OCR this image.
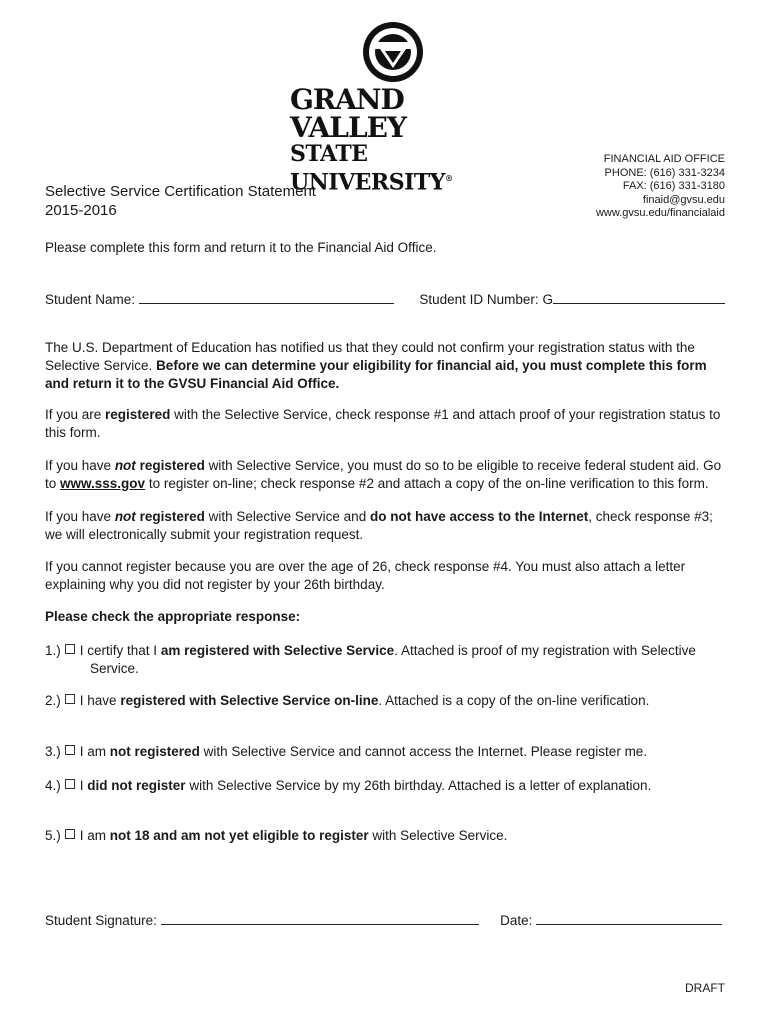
GRAND VALLEY
STATE UNIVERSITY®
FINANCIAL AID OFFICE
PHONE: (616) 331-3234
FAX: (616) 331-3180
finaid@gvsu.edu
www.gvsu.edu/financialaid
Selective Service Certification Statement
2015-2016
Please complete this form and return it to the Financial Aid Office.
Student Name:	Student ID Number: G
The U.S. Department of Education has notified us that they could not confirm your registration status with the Selective Service. Before we can determine your eligibility for financial aid, you must complete this form and return it to the GVSU Financial Aid Office.
If you are registered with the Selective Service, check response #1 and attach proof of your registration status to this form.
If you have not registered with Selective Service, you must do so to be eligible to receive federal student aid. Go to www.sss.gov to register on-line; check response #2 and attach a copy of the on-line verification to this form.
If you have not registered with Selective Service and do not have access to the Internet, check response #3; we will electronically submit your registration request.
If you cannot register because you are over the age of 26, check response #4. You must also attach a letter explaining why you did not register by your 26th birthday.
Please check the appropriate response:
1.) I certify that I am registered with Selective Service. Attached is proof of my registration with Selective
Service.
2.) I have registered with Selective Service on-line. Attached is a copy of the on-line verification.
3.) I am not registered with Selective Service and cannot access the Internet. Please register me.
4.) I did not register with Selective Service by my 26th birthday. Attached is a letter of explanation.
5.) I am not 18 and am not yet eligible to register with Selective Service.
Student Signature:	Date:
DRAFT
